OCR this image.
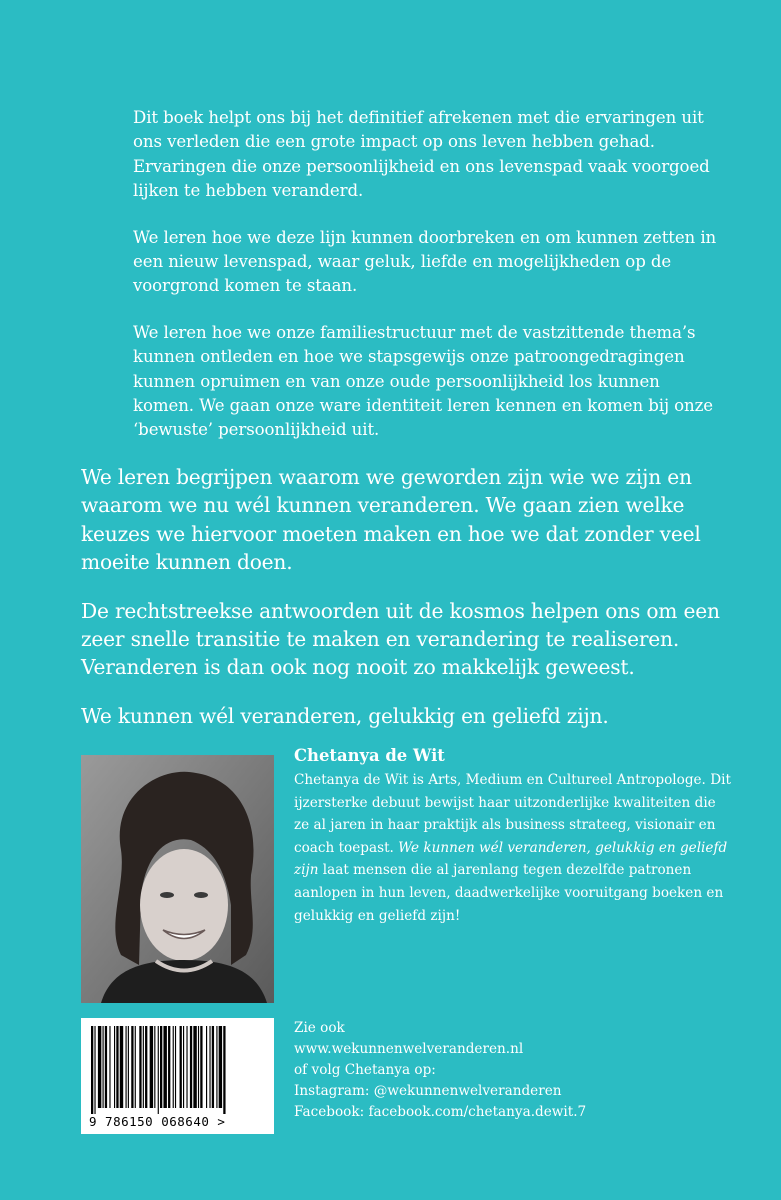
Dit boek helpt ons bij het definitief afrekenen met die ervaringen uit ons verleden die een grote impact op ons leven hebben gehad. Ervaringen die onze persoonlijkheid en ons levenspad vaak voorgoed lijken te hebben veranderd.

We leren hoe we deze lijn kunnen doorbreken en om kunnen zetten in een nieuw levenspad, waar geluk, liefde en mogelijkheden op de voorgrond komen te staan.

We leren hoe we onze familiestructuur met de vastzittende thema’s kunnen ontleden en hoe we stapsgewijs onze patroongedragingen kunnen opruimen en van onze oude persoonlijkheid los kunnen komen. We gaan onze ware identiteit leren kennen en komen bij onze ‘bewuste’ persoonlijkheid uit.

We leren begrijpen waarom we geworden zijn wie we zijn en waarom we nu wél kunnen veranderen. We gaan zien welke keuzes we hiervoor moeten maken en hoe we dat zonder veel moeite kunnen doen.

De rechtstreekse antwoorden uit de kosmos helpen ons om een zeer snelle transitie te maken en verandering te realiseren. Veranderen is dan ook nog nooit zo makkelijk geweest.

We kunnen wél veranderen, gelukkig en geliefd zijn.

9 786150 068640 >
Chetanya de Wit

Chetanya de Wit is Arts, Medium en Cultureel Antropologe. Dit ijzersterke debuut bewijst haar uitzonderlijke kwaliteiten die ze al jaren in haar praktijk als business strateeg, visionair en coach toepast. We kunnen wél veranderen, gelukkig en geliefd zijn laat mensen die al jarenlang tegen dezelfde patronen aanlopen in hun leven, daadwerkelijke vooruitgang boeken en gelukkig en geliefd zijn!

Zie ook
www.wekunnenwelveranderen.nl
of volg Chetanya op:
Instagram: @wekunnenwelveranderen
Facebook: facebook.com/chetanya.dewit.7
